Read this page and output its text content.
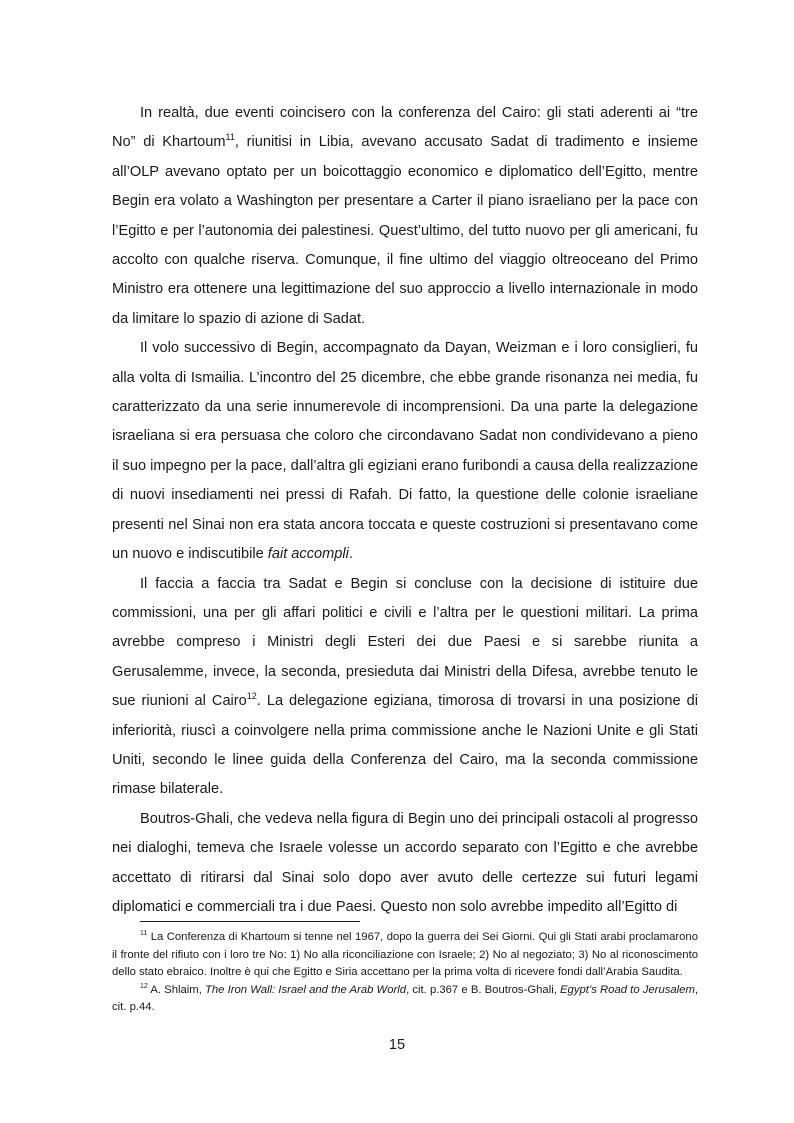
In realtà, due eventi coincisero con la conferenza del Cairo: gli stati aderenti ai “tre No” di Khartoum$^{11}$, riunitisi in Libia, avevano accusato Sadat di tradimento e insieme all’OLP avevano optato per un boicottaggio economico e diplomatico dell’Egitto, mentre Begin era volato a Washington per presentare a Carter il piano israeliano per la pace con l’Egitto e per l’autonomia dei palestinesi. Quest’ultimo, del tutto nuovo per gli americani, fu accolto con qualche riserva. Comunque, il fine ultimo del viaggio oltreoceano del Primo Ministro era ottenere una legittimazione del suo approccio a livello internazionale in modo da limitare lo spazio di azione di Sadat.

Il volo successivo di Begin, accompagnato da Dayan, Weizman e i loro consiglieri, fu alla volta di Ismailia. L’incontro del 25 dicembre, che ebbe grande risonanza nei media, fu caratterizzato da una serie innumerevole di incomprensioni. Da una parte la delegazione israeliana si era persuasa che coloro che circondavano Sadat non condividevano a pieno il suo impegno per la pace, dall’altra gli egiziani erano furibondi a causa della realizzazione di nuovi insediamenti nei pressi di Rafah. Di fatto, la questione delle colonie israeliane presenti nel Sinai non era stata ancora toccata e queste costruzioni si presentavano come un nuovo e indiscutibile fait accompli.

Il faccia a faccia tra Sadat e Begin si concluse con la decisione di istituire due commissioni, una per gli affari politici e civili e l’altra per le questioni militari. La prima avrebbe compreso i Ministri degli Esteri dei due Paesi e si sarebbe riunita a Gerusalemme, invece, la seconda, presieduta dai Ministri della Difesa, avrebbe tenuto le sue riunioni al Cairo$^{12}$. La delegazione egiziana, timorosa di trovarsi in una posizione di inferiorità, riuscì a coinvolgere nella prima commissione anche le Nazioni Unite e gli Stati Uniti, secondo le linee guida della Conferenza del Cairo, ma la seconda commissione rimase bilaterale.

Boutros-Ghali, che vedeva nella figura di Begin uno dei principali ostacoli al progresso nei dialoghi, temeva che Israele volesse un accordo separato con l’Egitto e che avrebbe accettato di ritirarsi dal Sinai solo dopo aver avuto delle certezze sui futuri legami diplomatici e commerciali tra i due Paesi. Questo non solo avrebbe impedito all’Egitto di

$^{11}$ La Conferenza di Khartoum si tenne nel 1967, dopo la guerra dei Sei Giorni. Qui gli Stati arabi proclamarono il fronte del rifiuto con i loro tre No: 1) No alla riconciliazione con Israele; 2) No al negoziato; 3) No al riconoscimento dello stato ebraico. Inoltre è qui che Egitto e Siria accettano per la prima volta di ricevere fondi dall’Arabia Saudita.

$^{12}$ A. Shlaim, The Iron Wall: Israel and the Arab World, cit. p.367 e B. Boutros-Ghali, Egypt’s Road to Jerusalem, cit. p.44.

15
